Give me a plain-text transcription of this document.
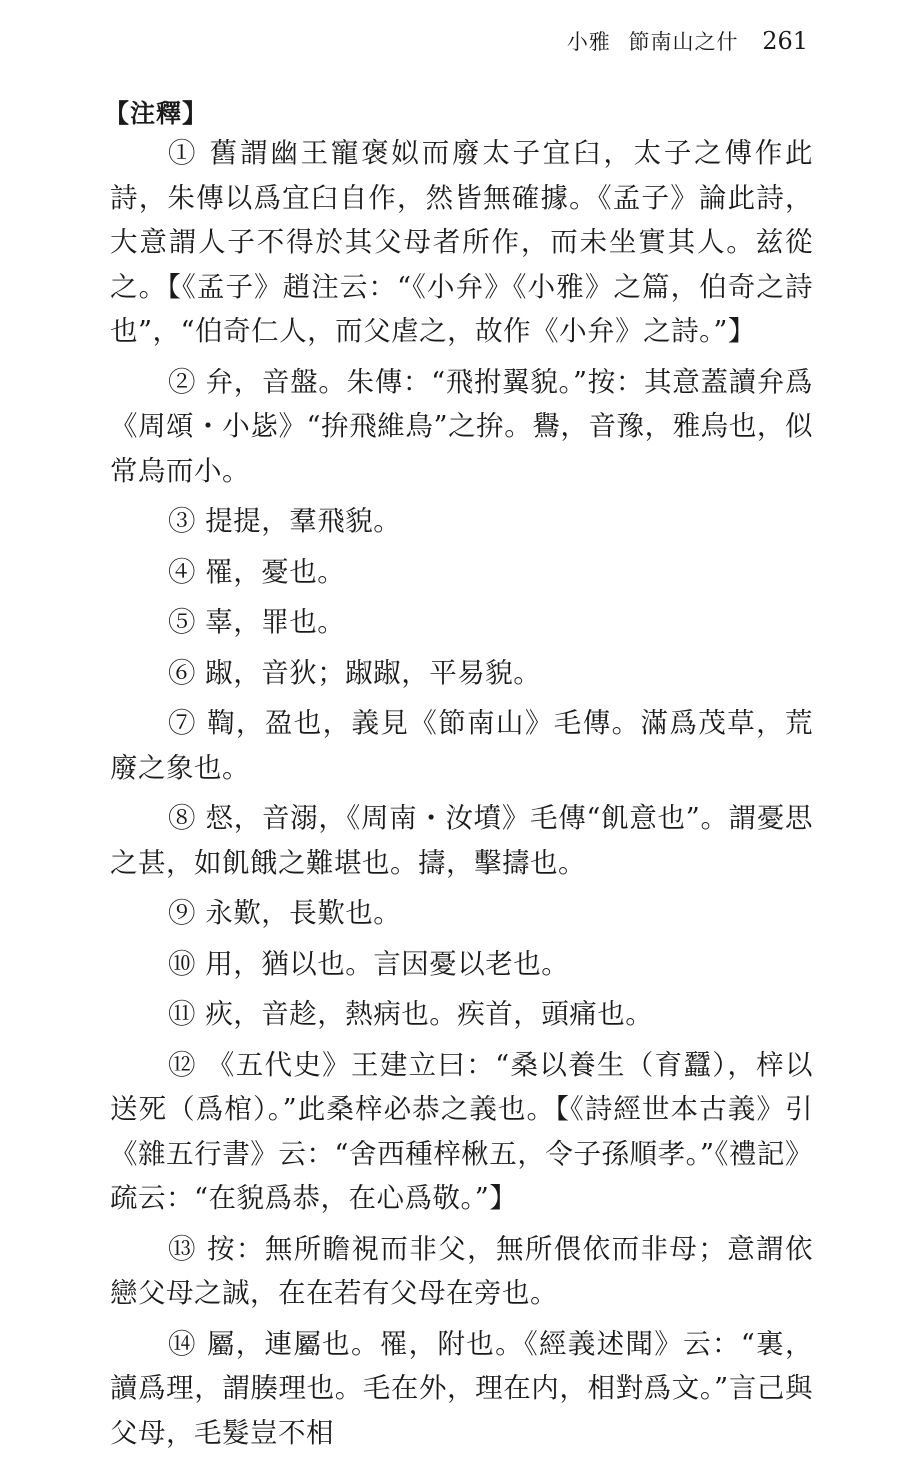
小雅 節南山之什 261
【注釋】

① 舊謂幽王寵褒姒而廢太子宜臼，太子之傅作此詩，朱傳以爲宜臼自作，然皆無確據。《孟子》論此詩，大意謂人子不得於其父母者所作，而未坐實其人。兹從之。【《孟子》趙注云：“《小弁》《小雅》之篇，伯奇之詩也”，“伯奇仁人，而父虐之，故作《小弁》之詩。”】

② 弁，音盤。朱傳：“飛拊翼貌。”按：其意蓋讀弁爲《周頌・小毖》“拚飛維鳥”之拚。鸒，音豫，雅烏也，似常烏而小。

③ 提提，羣飛貌。

④ 罹，憂也。

⑤ 辜，罪也。

⑥ 踧，音狄；踧踧，平易貌。

⑦ 鞫，盈也，義見《節南山》毛傳。滿爲茂草，荒廢之象也。

⑧ 惄，音溺，《周南・汝墳》毛傳“飢意也”。謂憂思之甚，如飢餓之難堪也。擣，擊擣也。

⑨ 永歎，長歎也。

⑩ 用，猶以也。言因憂以老也。

⑪ 疢，音趁，熱病也。疾首，頭痛也。

⑫ 《五代史》王建立曰：“桑以養生（育蠶），梓以送死（爲棺）。”此桑梓必恭之義也。【《詩經世本古義》引《雜五行書》云：“舍西種梓楸五，令子孫順孝。”《禮記》疏云：“在貌爲恭，在心爲敬。”】

⑬ 按：無所瞻視而非父，無所偎依而非母；意謂依戀父母之誠，在在若有父母在旁也。

⑭ 屬，連屬也。罹，附也。《經義述聞》云：“裏，讀爲理，謂腠理也。毛在外，理在内，相對爲文。”言己與父母，毛髮豈不相
